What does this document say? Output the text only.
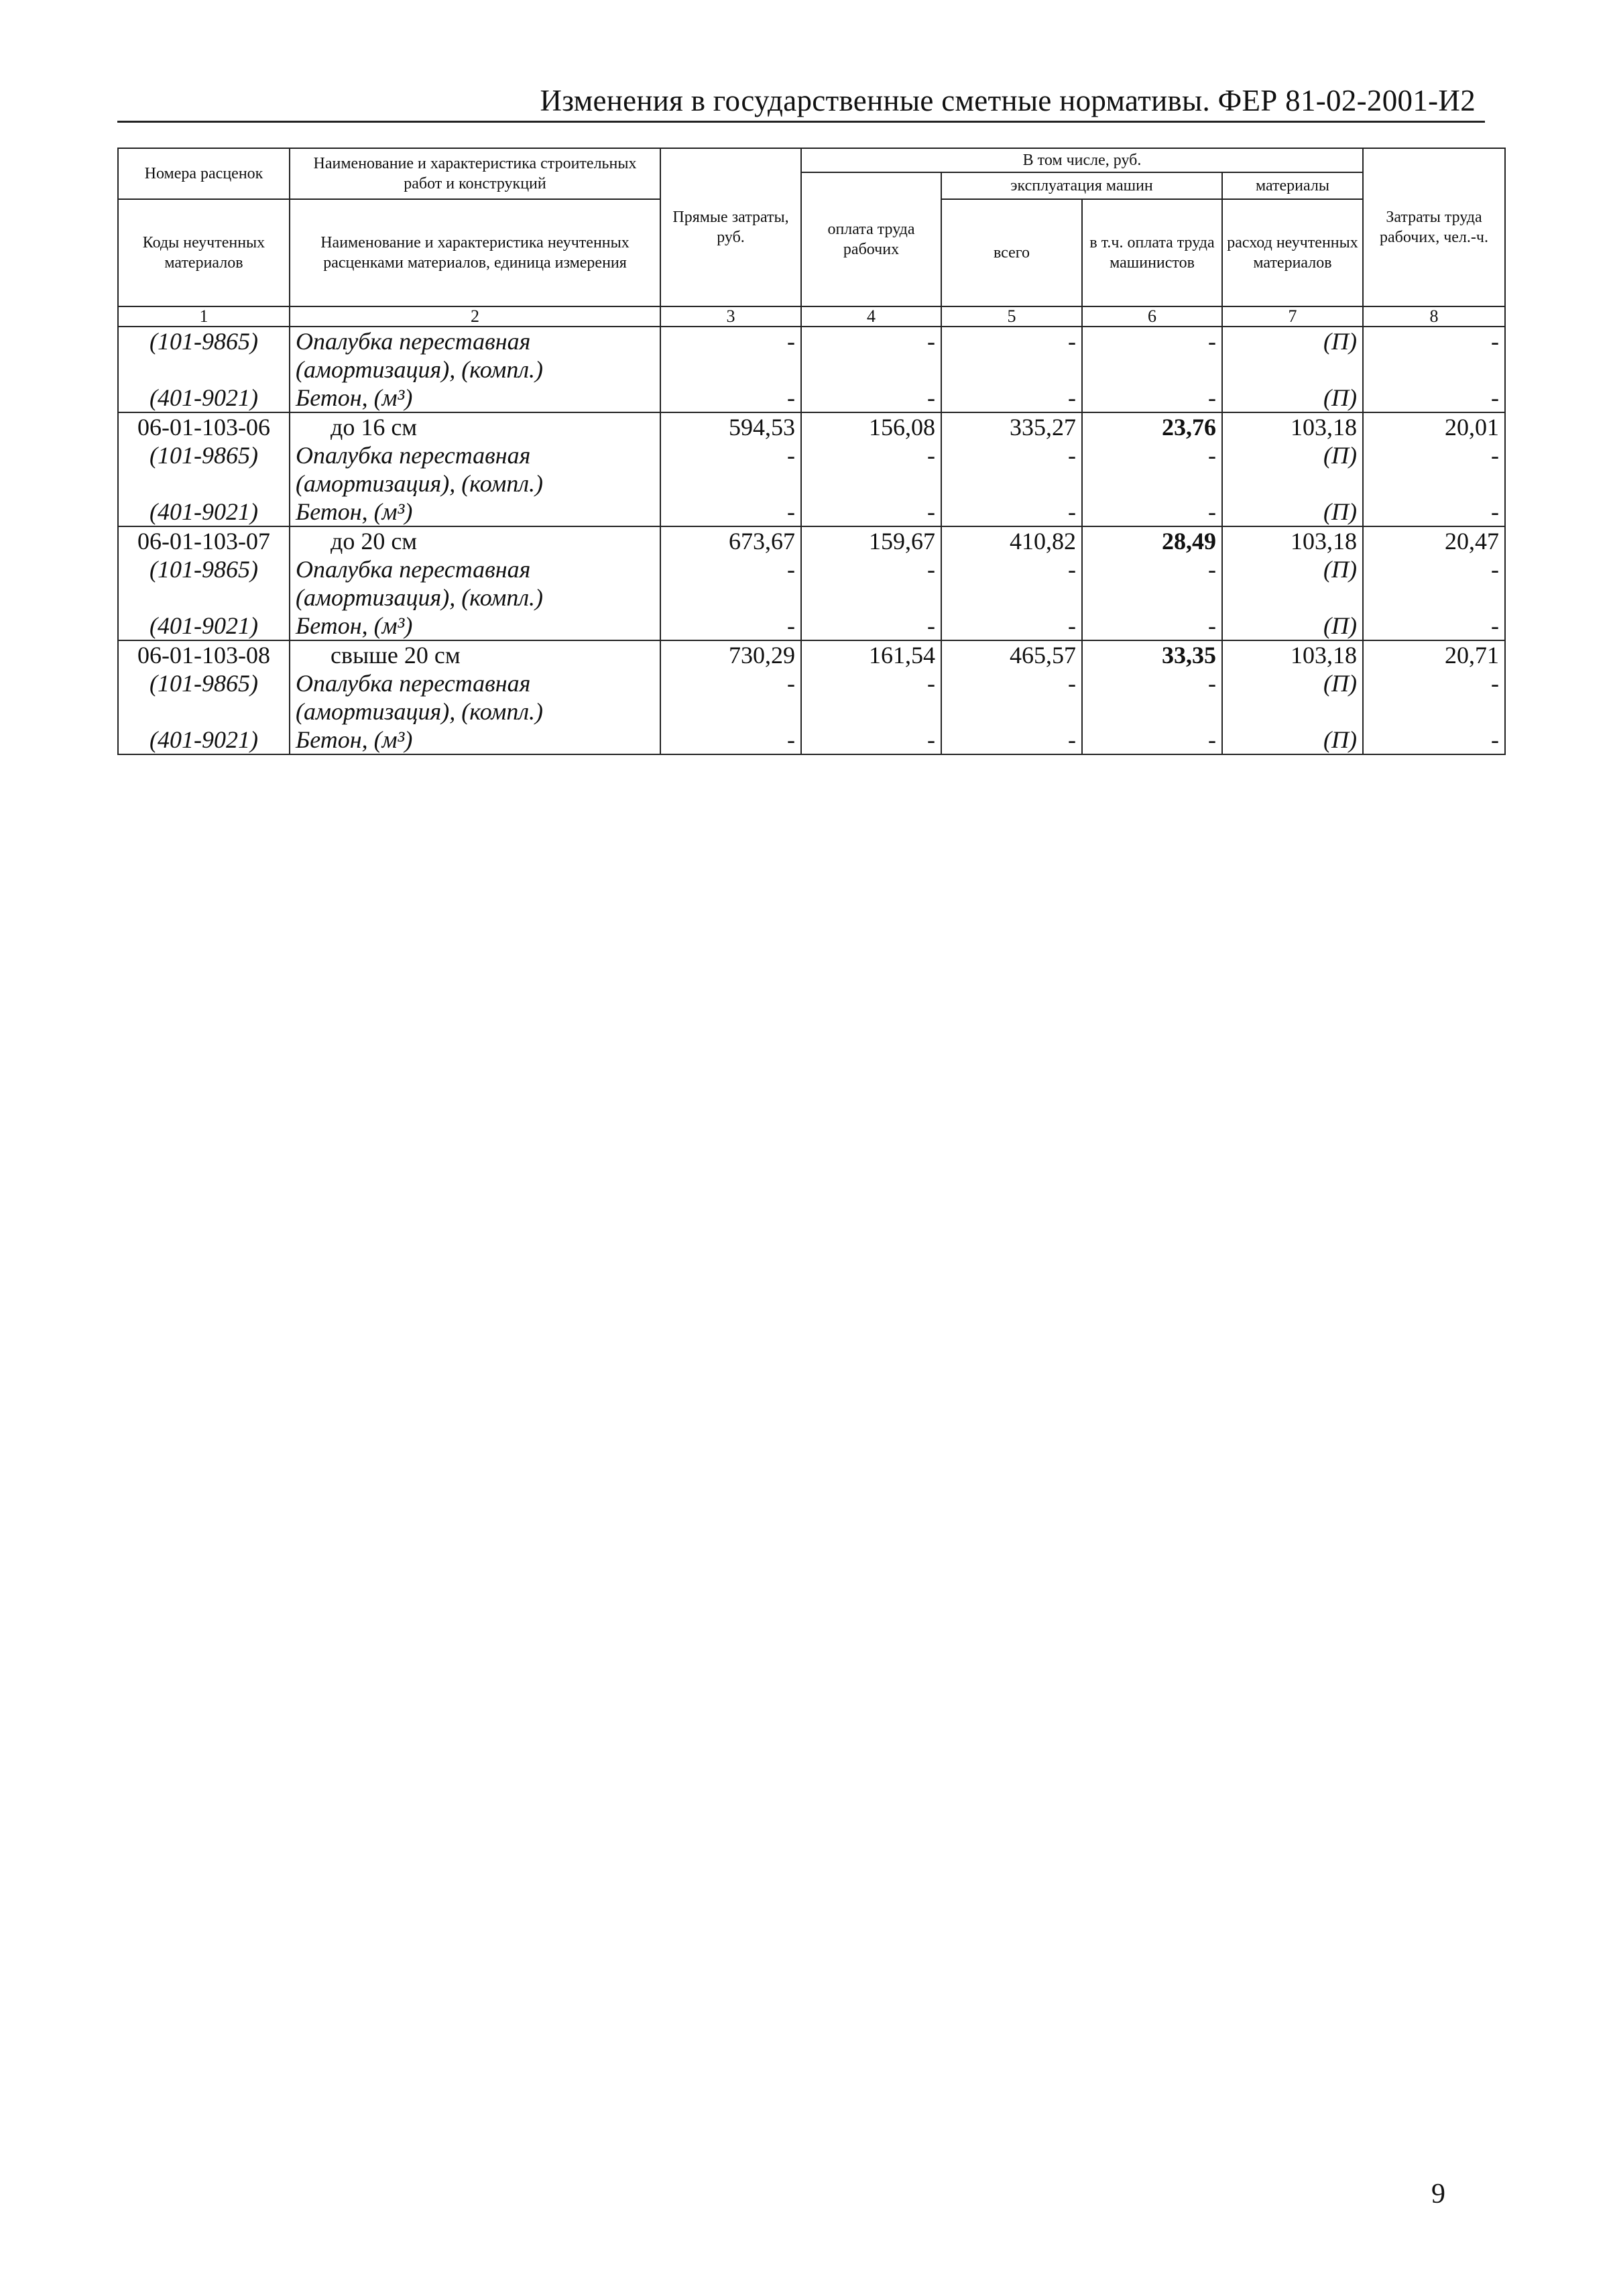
Изменения в государственные сметные нормативы. ФЕР 81-02-2001-И2
Номера расценок	Наименование и характеристика строительных работ и конструкций	Прямые затраты, руб.	В том числе, руб.				Затраты труда рабочих, чел.-ч.
			оплата труда рабочих	эксплуатация машин		материалы	
Коды неучтенных материалов	Наименование и характеристика неучтенных расценками материалов, единица измерения			всего	в т.ч. оплата труда машинистов	расход неучтенных материалов	

1	2	3	4	5	6	7	8
(101-9865)	Опалубка переставная	-	-	-	-	(П)	-
	(амортизация), (компл.)						
(401-9021)	Бетон, (м³)	-	-	-	-	(П)	-
06-01-103-06	до 16 см	594,53	156,08	335,27	23,76	103,18	20,01
(101-9865)	Опалубка переставная	-	-	-	-	(П)	-
	(амортизация), (компл.)						
(401-9021)	Бетон, (м³)	-	-	-	-	(П)	-
06-01-103-07	до 20 см	673,67	159,67	410,82	28,49	103,18	20,47
(101-9865)	Опалубка переставная	-	-	-	-	(П)	-
	(амортизация), (компл.)						
(401-9021)	Бетон, (м³)	-	-	-	-	(П)	-
06-01-103-08	свыше 20 см	730,29	161,54	465,57	33,35	103,18	20,71
(101-9865)	Опалубка переставная	-	-	-	-	(П)	-
	(амортизация), (компл.)						
(401-9021)	Бетон, (м³)	-	-	-	-	(П)	-

9
